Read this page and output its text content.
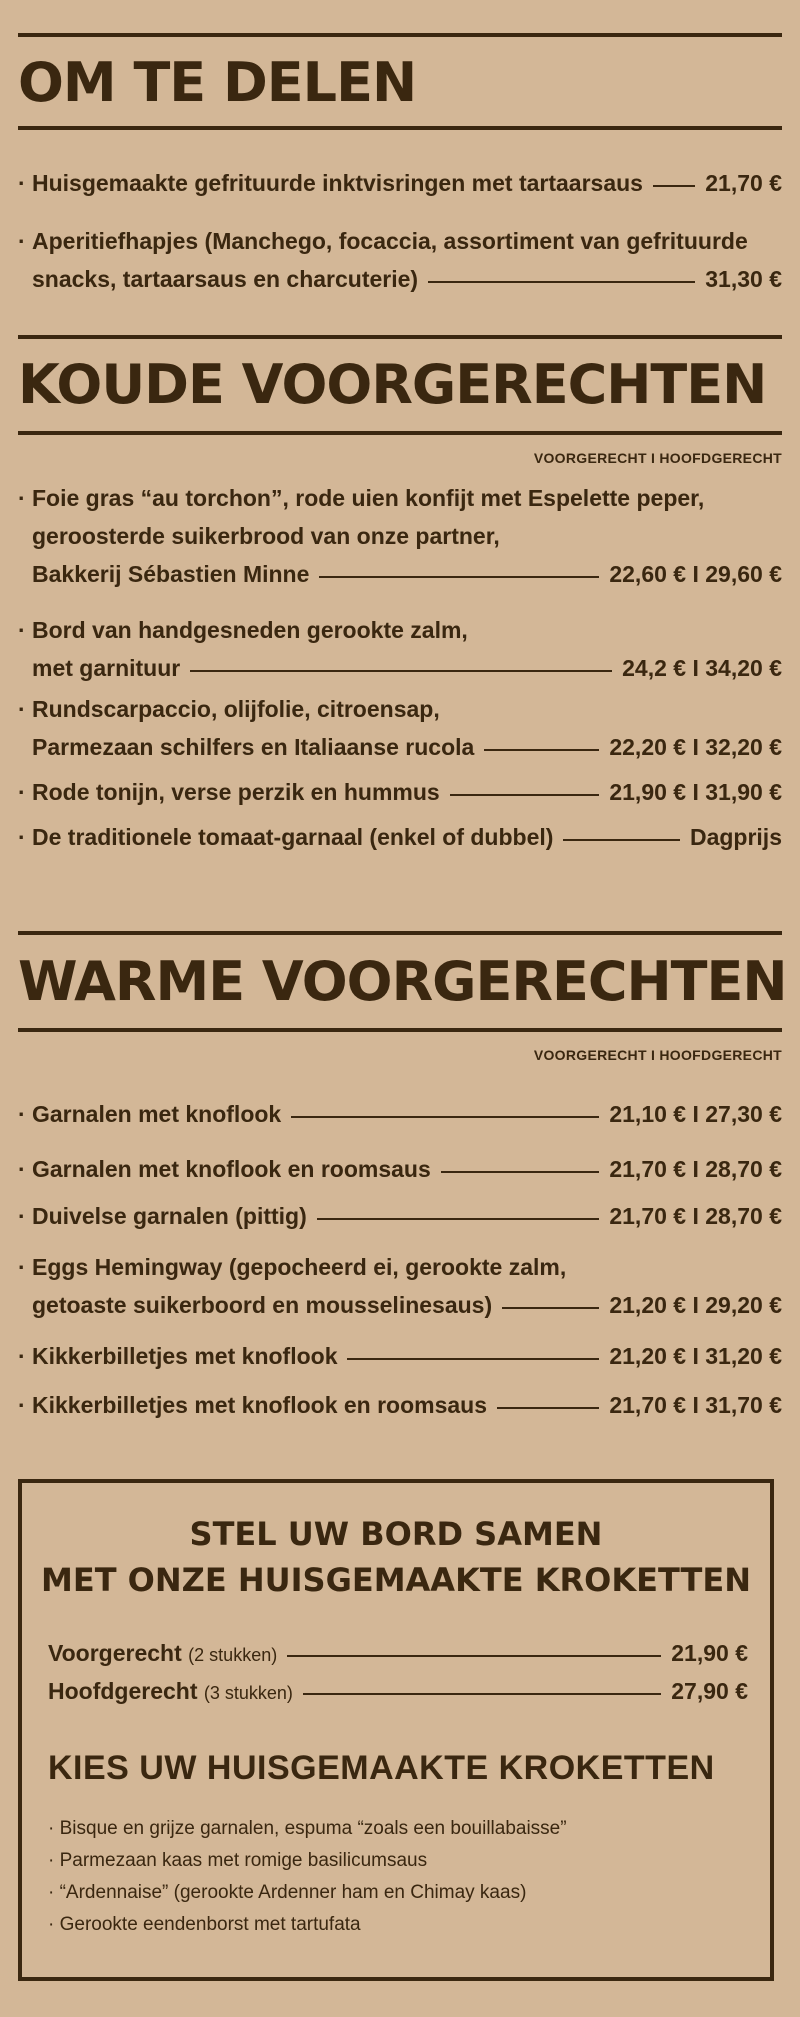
OM TE DELEN
· Huisgemaakte gefrituurde inktvisringen met tartaarsaus	21,70 €
· Aperitiefhapjes (Manchego, focaccia, assortiment van gefrituurde
snacks, tartaarsaus en charcuterie)	31,30 €
KOUDE VOORGERECHTEN
VOORGERECHT I HOOFDGERECHT
· Foie gras “au torchon”, rode uien konfijt met Espelette peper,
geroosterde suikerbrood van onze partner,
Bakkerij Sébastien Minne	22,60 € I 29,60 €
· Bord van handgesneden gerookte zalm,
met garnituur	24,2 € I 34,20 €
· Rundscarpaccio, olijfolie, citroensap,
Parmezaan schilfers en Italiaanse rucola	22,20 € I 32,20 €
· Rode tonijn, verse perzik en hummus	21,90 € I 31,90 €
· De traditionele tomaat-garnaal (enkel of dubbel)	Dagprijs
WARME VOORGERECHTEN
VOORGERECHT I HOOFDGERECHT
· Garnalen met knoflook	21,10 € I 27,30 €
· Garnalen met knoflook en roomsaus	21,70 € I 28,70 €
· Duivelse garnalen (pittig)	21,70 € I 28,70 €
· Eggs Hemingway (gepocheerd ei, gerookte zalm,
getoaste suikerboord en mousselinesaus)	21,20 € I 29,20 €
· Kikkerbilletjes met knoflook	21,20 € I 31,20 €
· Kikkerbilletjes met knoflook en roomsaus	21,70 € I 31,70 €
STEL UW BORD SAMEN
MET ONZE HUISGEMAAKTE KROKETTEN
Voorgerecht (2 stukken)	21,90 €
Hoofdgerecht (3 stukken)	27,90 €
KIES UW HUISGEMAAKTE KROKETTEN
· Bisque en grijze garnalen, espuma “zoals een bouillabaisse”
· Parmezaan kaas met romige basilicumsaus
· “Ardennaise” (gerookte Ardenner ham en Chimay kaas)
· Gerookte eendenborst met tartufata
